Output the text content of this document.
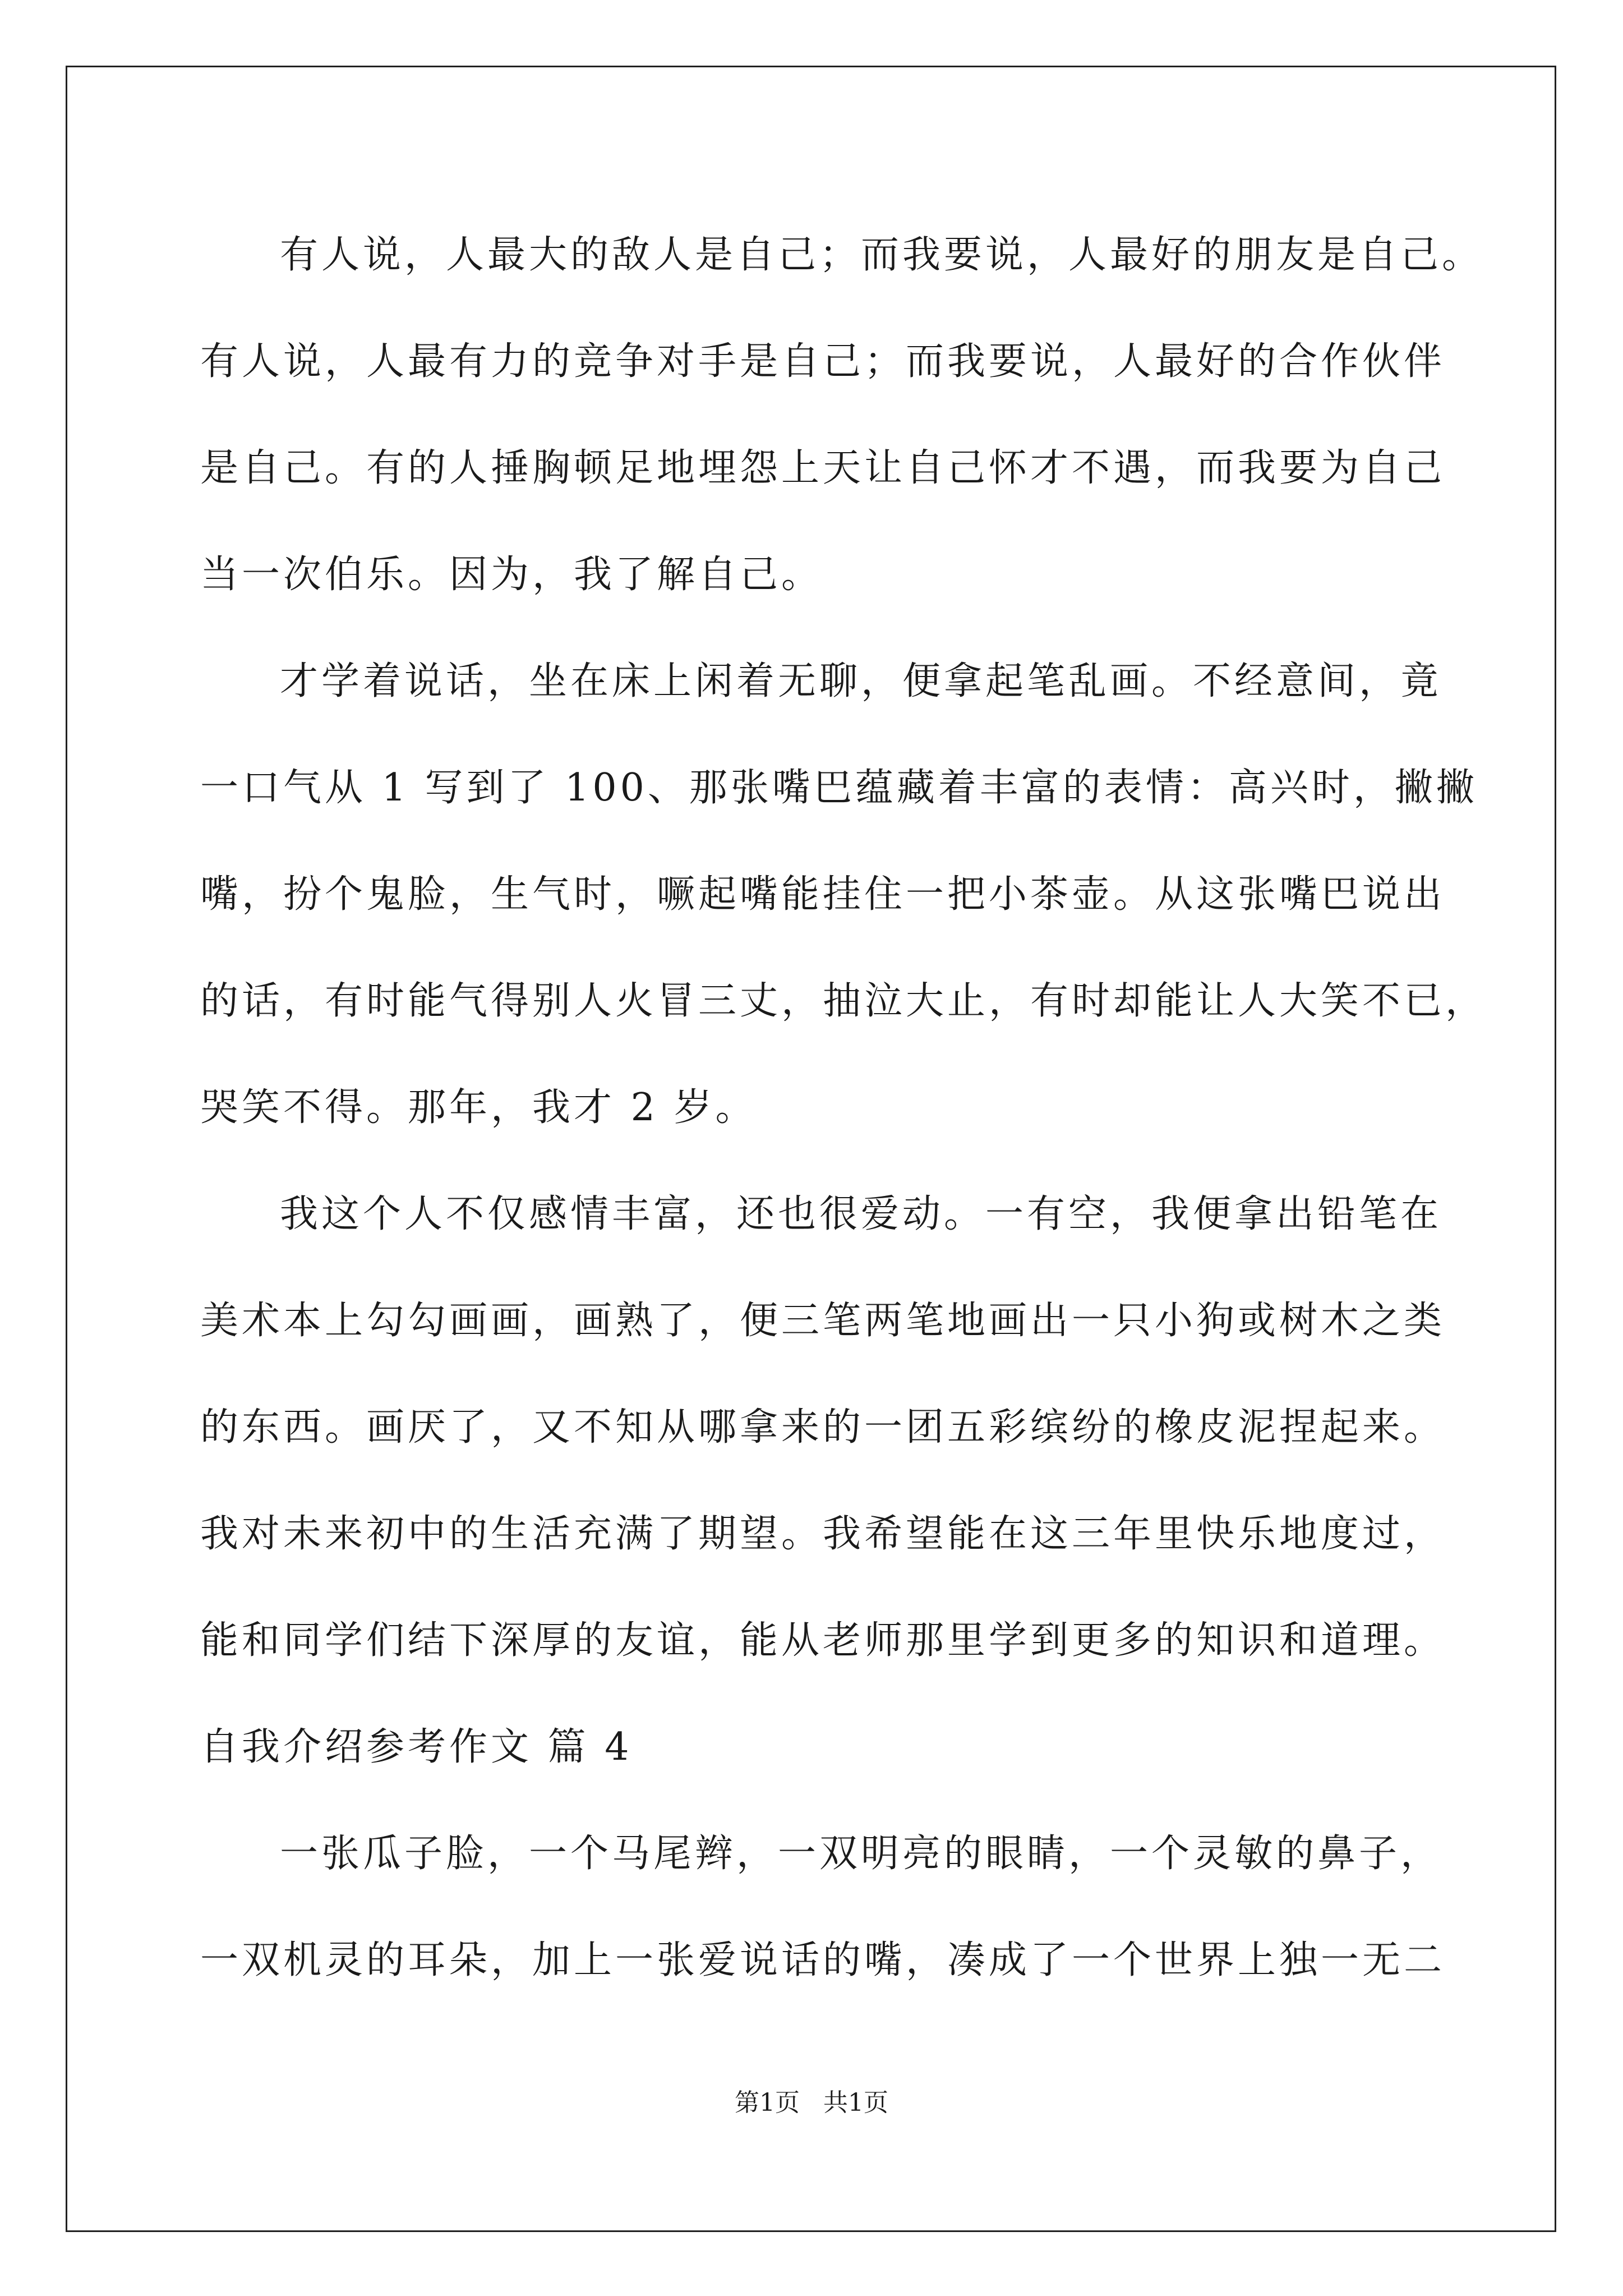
有人说，人最大的敌人是自己；而我要说，人最好的朋友是自己。
有人说，人最有力的竞争对手是自己；而我要说，人最好的合作伙伴
是自己。有的人捶胸顿足地埋怨上天让自己怀才不遇，而我要为自己
当一次伯乐。因为，我了解自己。
才学着说话，坐在床上闲着无聊，便拿起笔乱画。不经意间，竟
一口气从 1 写到了 100、那张嘴巴蕴藏着丰富的表情：高兴时，撇撇
嘴，扮个鬼脸，生气时，噘起嘴能挂住一把小茶壶。从这张嘴巴说出
的话，有时能气得别人火冒三丈，抽泣大止，有时却能让人大笑不已，
哭笑不得。那年，我才 2 岁。
我这个人不仅感情丰富，还也很爱动。一有空，我便拿出铅笔在
美术本上勾勾画画，画熟了，便三笔两笔地画出一只小狗或树木之类
的东西。画厌了，又不知从哪拿来的一团五彩缤纷的橡皮泥捏起来。
我对未来初中的生活充满了期望。我希望能在这三年里快乐地度过，
能和同学们结下深厚的友谊，能从老师那里学到更多的知识和道理。
自我介绍参考作文 篇 4
一张瓜子脸，一个马尾辫，一双明亮的眼睛，一个灵敏的鼻子，
一双机灵的耳朵，加上一张爱说话的嘴，凑成了一个世界上独一无二
第1页   共1页
